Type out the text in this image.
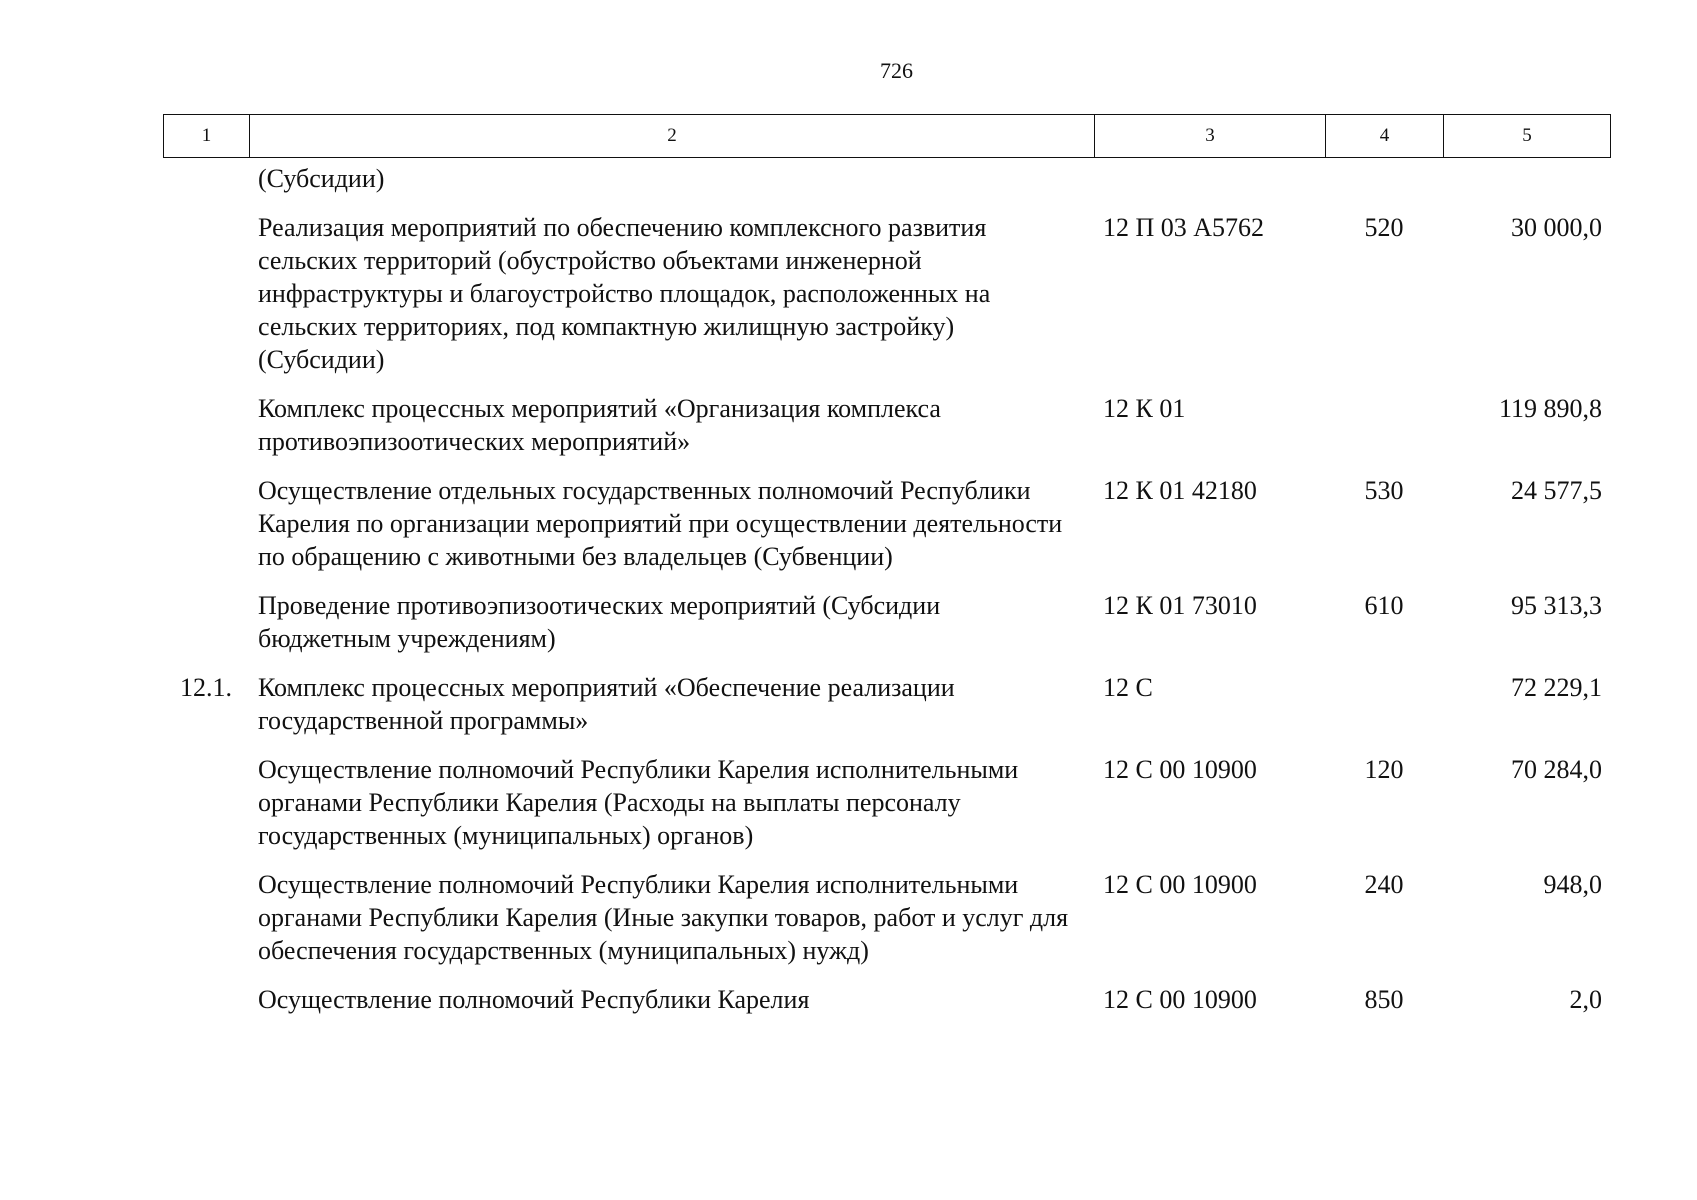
726
1	2	3	4	5
	(Субсидии)			
	Реализация мероприятий по обеспечению комплексного развития сельских территорий (обустройство объектами инженерной инфраструктуры и благоустройство площадок, расположенных на сельских территориях, под компактную жилищную застройку) (Субсидии)	12 П 03 А5762	520	30 000,0
	Комплекс процессных мероприятий «Организация комплекса противоэпизоотических мероприятий»	12 К 01		119 890,8
	Осуществление отдельных государственных полномочий Республики Карелия по организации мероприятий при осуществлении деятельности по обращению с животными без владельцев (Субвенции)	12 К 01 42180	530	24 577,5
	Проведение противоэпизоотических мероприятий (Субсидии бюджетным учреждениям)	12 К 01 73010	610	95 313,3
12.1.	Комплекс процессных мероприятий «Обеспечение реализации государственной программы»	12 С		72 229,1
	Осуществление полномочий Республики Карелия исполнительными органами Республики Карелия (Расходы на выплаты персоналу государственных (муниципальных) органов)	12 С 00 10900	120	70 284,0
	Осуществление полномочий Республики Карелия исполнительными органами Республики Карелия (Иные закупки товаров, работ и услуг для обеспечения государственных (муниципальных) нужд)	12 С 00 10900	240	948,0
	Осуществление полномочий Республики Карелия	12 С 00 10900	850	2,0
